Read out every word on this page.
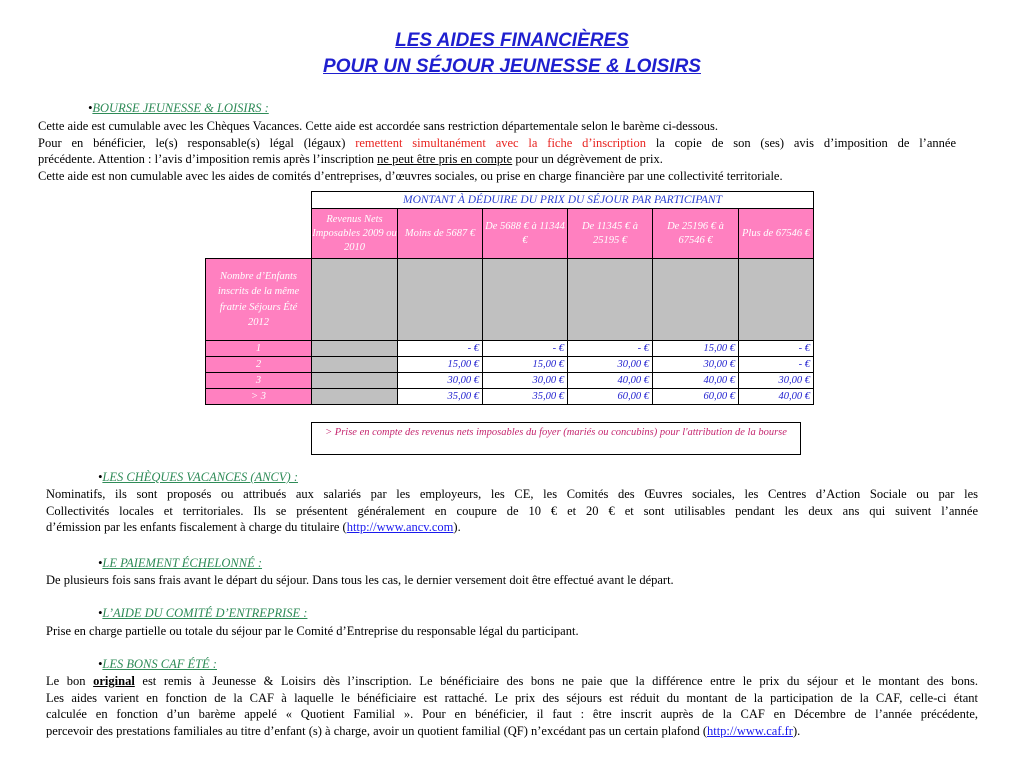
LES AIDES FINANCIÈRES
POUR UN SÉJOUR JEUNESSE & LOISIRS
•BOURSE JEUNESSE & LOISIRS :
Cette aide est cumulable avec les Chèques Vacances. Cette aide est accordée sans restriction départementale selon le barème ci-dessous.
Pour en bénéficier, le(s) responsable(s) légal (légaux) remettent simultanément avec la fiche d’inscription la copie de son (ses) avis d’imposition de l’année
précédente. Attention : l’avis d’imposition remis après l’inscription ne peut être pris en compte pour un dégrèvement de prix.
Cette aide est non cumulable avec les aides de comités d’entreprises, d’œuvres sociales, ou prise en charge financière par une collectivité territoriale.
	MONTANT À DÉDUIRE DU PRIX DU SÉJOUR PAR PARTICIPANT					
	Revenus Nets Imposables 2009 ou 2010	Moins de 5687 €	De 5688 € à 11344 €	De 11345 € à 25195 €	De 25196 € à 67546 €	Plus de 67546 €
Nombre d’Enfants inscrits de la même fratrie Séjours Été 2012						
1		- €	- €	- €	15,00 €	- €
2		15,00 €	15,00 €	30,00 €	30,00 €	- €
3		30,00 €	30,00 €	40,00 €	40,00 €	30,00 €
> 3		35,00 €	35,00 €	60,00 €	60,00 €	40,00 €
> Prise en compte des revenus nets imposables du foyer (mariés ou concubins) pour l'attribution de la bourse
•LES CHÈQUES VACANCES (ANCV) :
Nominatifs, ils sont proposés ou attribués aux salariés par les employeurs, les CE, les Comités des Œuvres sociales, les Centres d’Action Sociale ou par les
Collectivités locales et territoriales. Ils se présentent généralement en coupure de 10 € et 20 € et sont utilisables pendant les deux ans qui suivent l’année
d’émission par les enfants fiscalement à charge du titulaire (http://www.ancv.com).
•LE PAIEMENT ÉCHELONNÉ :
De plusieurs fois sans frais avant le départ du séjour. Dans tous les cas, le dernier versement doit être effectué avant le départ.
•L’AIDE DU COMITÉ D’ENTREPRISE :
Prise en charge partielle ou totale du séjour par le Comité d’Entreprise du responsable légal du participant.
•LES BONS CAF ÉTÉ :
Le bon original est remis à Jeunesse & Loisirs dès l’inscription. Le bénéficiaire des bons ne paie que la différence entre le prix du séjour et le montant des bons.
Les aides varient en fonction de la CAF à laquelle le bénéficiaire est rattaché. Le prix des séjours est réduit du montant de la participation de la CAF, celle-ci étant
calculée en fonction d’un barème appelé « Quotient Familial ». Pour en bénéficier, il faut : être inscrit auprès de la CAF en Décembre de l’année précédente,
percevoir des prestations familiales au titre d’enfant (s) à charge, avoir un quotient familial (QF) n’excédant pas un certain plafond (http://www.caf.fr).
